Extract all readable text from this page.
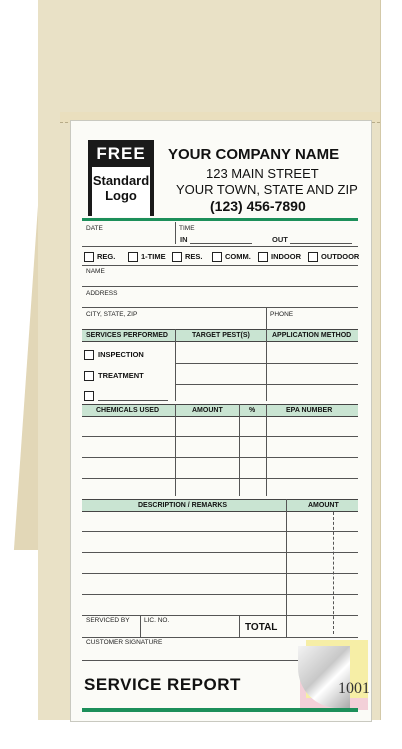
FREE
Standard
Logo
YOUR COMPANY NAME
123 MAIN STREET
YOUR TOWN, STATE AND ZIP
(123) 456-7890
DATE	TIME
IN	OUT
REG.	1-TIME	RES.	COMM.	INDOOR	OUTDOOR
NAME
ADDRESS
CITY, STATE, ZIP	PHONE
SERVICES PERFORMED	TARGET PEST(S)	APPLICATION METHOD
INSPECTION
TREATMENT
CHEMICALS USED	AMOUNT	%	EPA NUMBER
DESCRIPTION / REMARKS	AMOUNT
SERVICED BY LIC. NO.
TOTAL
CUSTOMER SIGNATURE
SERVICE REPORT	1001
